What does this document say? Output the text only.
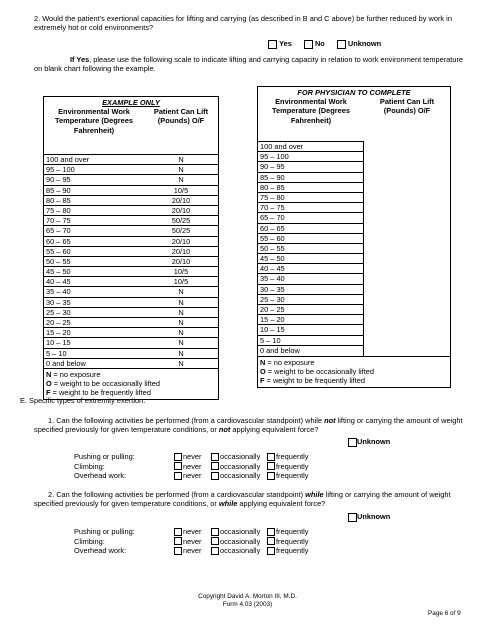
2. Would the patient’s exertional capacities for lifting and carrying (as described in B and C above) be further reduced by work in extremely hot or cold environments?
Yes	No	Unknown
If Yes, please use the following scale to indicate lifting and carrying capacity in relation to work environment temperature on blank chart following the example.
EXAMPLE ONLY
Environmental Work Temperature (Degrees Fahrenheit)
Patient Can Lift (Pounds) O/F
100 and over	N
95 – 100	N
90 – 95	N
85 – 90	10/5
80 – 85	20/10
75 – 80	20/10
70 – 75	50/25
65 – 70	50/25
60 – 65	20/10
55 – 60	20/10
50 – 55	20/10
45 – 50	10/5
40 – 45	10/5
35 – 40	N
30 – 35	N
25 – 30	N
20 – 25	N
15 – 20	N
10 – 15	N
5 – 10	N
0 and below	N
N = no exposure
O = weight to be occasionally lifted
F = weight to be frequently lifted
FOR PHYSICIAN TO COMPLETE
Environmental Work Temperature (Degrees Fahrenheit)
Patient Can Lift (Pounds) O/F
100 and over
95 – 100
90 – 95
85 – 90
80 – 85
75 – 80
70 – 75
65 – 70
60 – 65
55 – 60
50 – 55
45 – 50
40 – 45
35 – 40
30 – 35
25 – 30
20 – 25
15 – 20
10 – 15
5 – 10
0 and below
N = no exposure
O = weight to be occasionally lifted
F = weight to be frequently lifted
E. Specific types of extremity exertion.
1. Can the following activities be performed (from a cardiovascular standpoint) while not lifting or carrying the amount of weight specified previously for given temperature conditions, or not applying equivalent force?
Unknown
Pushing or pulling:	never	occasionally frequently
Climbing:	never	occasionally frequently
Overhead work:	never	occasionally frequently
2. Can the following activities be performed (from a cardiovascular standpoint) while lifting or carrying the amount of weight specified previously for given temperature conditions, or while applying equivalent force?
Unknown
Pushing or pulling:	never	occasionally frequently
Climbing:	never	occasionally frequently
Overhead work:	never	occasionally frequently
Copyright David A. Morton III, M.D.
Form 4.03 (2003)
Page 6 of 9
